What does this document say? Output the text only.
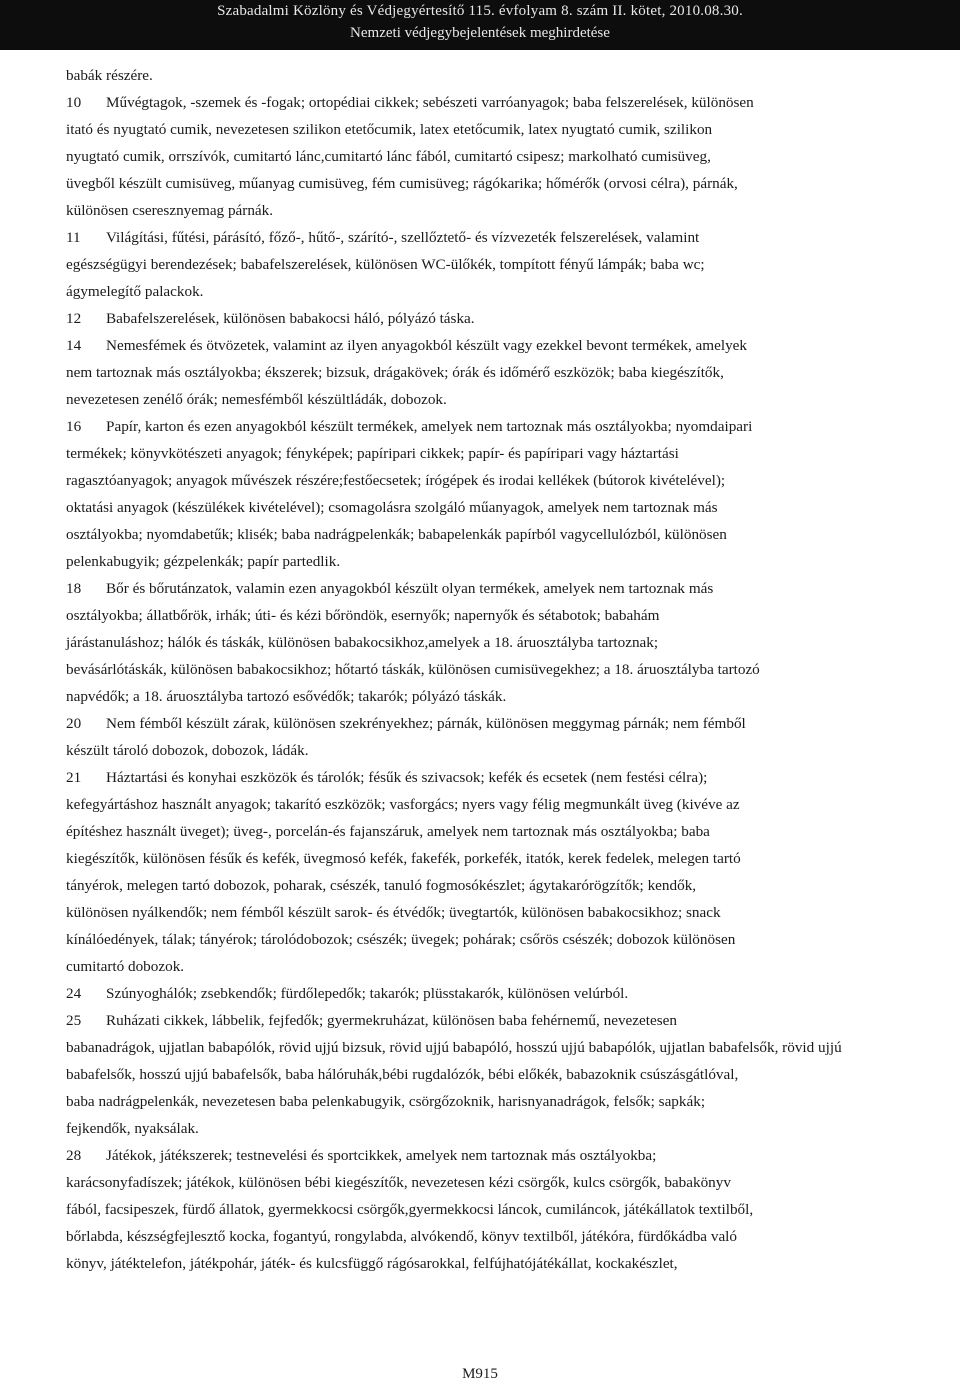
Szabadalmi Közlöny és Védjegyértesítő 115. évfolyam 8. szám II. kötet, 2010.08.30.
Nemzeti védjegybejelentések meghirdetése
babák részére.
10 Művégtagok, -szemek és -fogak; ortopédiai cikkek; sebészeti varróanyagok; baba felszerelések, különösen
itató és nyugtató cumik, nevezetesen szilikon etetőcumik, latex etetőcumik, latex nyugtató cumik, szilikon
nyugtató cumik, orrszívók, cumitartó lánc,cumitartó lánc fából, cumitartó csipesz; markolható cumisüveg,
üvegből készült cumisüveg, műanyag cumisüveg, fém cumisüveg; rágókarika; hőmérők (orvosi célra), párnák,
különösen cseresznyemag párnák.
11 Világítási, fűtési, párásító, főző-, hűtő-, szárító-, szellőztető- és vízvezeték felszerelések, valamint
egészségügyi berendezések; babafelszerelések, különösen WC-ülőkék, tompított fényű lámpák; baba wc;
ágymelegítő palackok.
12 Babafelszerelések, különösen babakocsi háló, pólyázó táska.
14 Nemesfémek és ötvözetek, valamint az ilyen anyagokból készült vagy ezekkel bevont termékek, amelyek
nem tartoznak más osztályokba; ékszerek; bizsuk, drágakövek; órák és időmérő eszközök; baba kiegészítők,
nevezetesen zenélő órák; nemesfémből készültládák, dobozok.
16 Papír, karton és ezen anyagokból készült termékek, amelyek nem tartoznak más osztályokba; nyomdaipari
termékek; könyvkötészeti anyagok; fényképek; papíripari cikkek; papír- és papíripari vagy háztartási
ragasztóanyagok; anyagok művészek részére;festőecsetek; írógépek és irodai kellékek (bútorok kivételével);
oktatási anyagok (készülékek kivételével); csomagolásra szolgáló műanyagok, amelyek nem tartoznak más
osztályokba; nyomdabetűk; klisék; baba nadrágpelenkák; babapelenkák papírból vagycellulózból, különösen
pelenkabugyik; gézpelenkák; papír partedlik.
18 Bőr és bőrutánzatok, valamin ezen anyagokból készült olyan termékek, amelyek nem tartoznak más
osztályokba; állatbőrök, irhák; úti- és kézi bőröndök, esernyők; napernyők és sétabotok; babahám
járástanuláshoz; hálók és táskák, különösen babakocsikhoz,amelyek a 18. áruosztályba tartoznak;
bevásárlótáskák, különösen babakocsikhoz; hőtartó táskák, különösen cumisüvegekhez; a 18. áruosztályba tartozó
napvédők; a 18. áruosztályba tartozó esővédők; takarók; pólyázó táskák.
20 Nem fémből készült zárak, különösen szekrényekhez; párnák, különösen meggymag párnák; nem fémből
készült tároló dobozok, dobozok, ládák.
21 Háztartási és konyhai eszközök és tárolók; fésűk és szivacsok; kefék és ecsetek (nem festési célra);
kefegyártáshoz használt anyagok; takarító eszközök; vasforgács; nyers vagy félig megmunkált üveg (kivéve az
építéshez használt üveget); üveg-, porcelán-és fajanszáruk, amelyek nem tartoznak más osztályokba; baba
kiegészítők, különösen fésűk és kefék, üvegmosó kefék, fakefék, porkefék, itatók, kerek fedelek, melegen tartó
tányérok, melegen tartó dobozok, poharak, csészék, tanuló fogmosókészlet; ágytakarórögzítők; kendők,
különösen nyálkendők; nem fémből készült sarok- és étvédők; üvegtartók, különösen babakocsikhoz; snack
kínálóedények, tálak; tányérok; tárolódobozok; csészék; üvegek; pohárak; csőrös csészék; dobozok különösen
cumitartó dobozok.
24 Szúnyoghálók; zsebkendők; fürdőlepedők; takarók; plüsstakarók, különösen velúrból.
25 Ruházati cikkek, lábbelik, fejfedők; gyermekruházat, különösen baba fehérnemű, nevezetesen
babanadrágok, ujjatlan babapólók, rövid ujjú bizsuk, rövid ujjú babapóló, hosszú ujjú babapólók, ujjatlan babafelsők, rövid ujjú
babafelsők, hosszú ujjú babafelsők, baba hálóruhák,bébi rugdalózók, bébi előkék, babazoknik csúszásgátlóval,
baba nadrágpelenkák, nevezetesen baba pelenkabugyik, csörgőzoknik, harisnyanadrágok, felsők; sapkák;
fejkendők, nyaksálak.
28 Játékok, játékszerek; testnevelési és sportcikkek, amelyek nem tartoznak más osztályokba;
karácsonyfadíszek; játékok, különösen bébi kiegészítők, nevezetesen kézi csörgők, kulcs csörgők, babakönyv
fából, facsipeszek, fürdő állatok, gyermekkocsi csörgők,gyermekkocsi láncok, cumiláncok, játékállatok textilből,
bőrlabda, készségfejlesztő kocka, fogantyú, rongylabda, alvókendő, könyv textilből, játékóra, fürdőkádba való
könyv, játéktelefon, játékpohár, játék- és kulcsfüggő rágósarokkal, felfújhatójátékállat, kockakészlet,
M915
